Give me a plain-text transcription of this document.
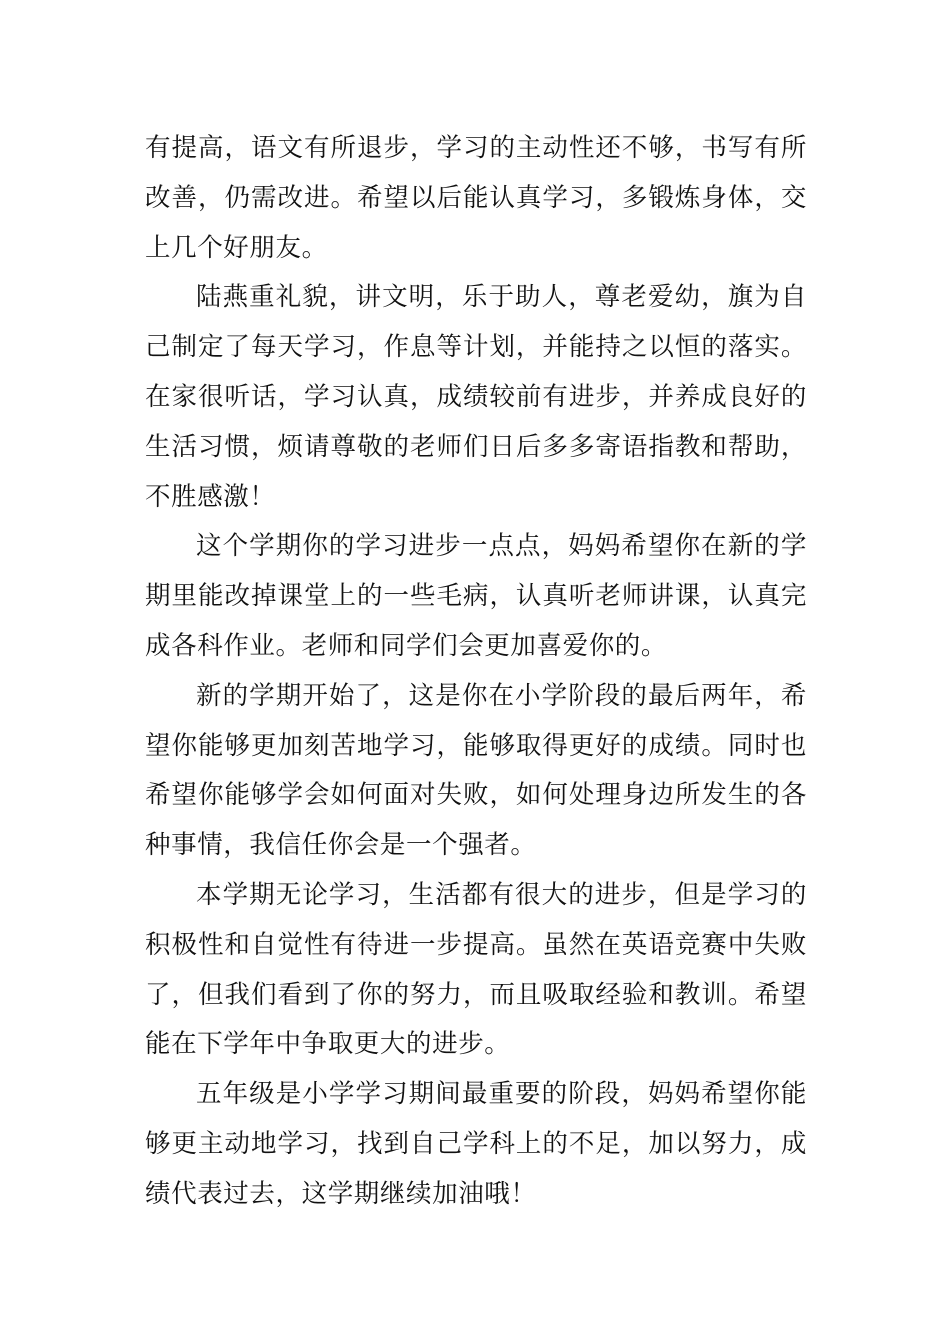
有提高，语文有所退步，学习的主动性还不够，书写有所改善，仍需改进。希望以后能认真学习，多锻炼身体，交上几个好朋友。

陆燕重礼貌，讲文明，乐于助人，尊老爱幼，旗为自己制定了每天学习，作息等计划，并能持之以恒的落实。在家很听话，学习认真，成绩较前有进步，并养成良好的生活习惯，烦请尊敬的老师们日后多多寄语指教和帮助，不胜感激！

这个学期你的学习进步一点点，妈妈希望你在新的学期里能改掉课堂上的一些毛病，认真听老师讲课，认真完成各科作业。老师和同学们会更加喜爱你的。

新的学期开始了，这是你在小学阶段的最后两年，希望你能够更加刻苦地学习，能够取得更好的成绩。同时也希望你能够学会如何面对失败，如何处理身边所发生的各种事情，我信任你会是一个强者。

本学期无论学习，生活都有很大的进步，但是学习的积极性和自觉性有待进一步提高。虽然在英语竞赛中失败了，但我们看到了你的努力，而且吸取经验和教训。希望能在下学年中争取更大的进步。

五年级是小学学习期间最重要的阶段，妈妈希望你能够更主动地学习，找到自己学科上的不足，加以努力，成绩代表过去，这学期继续加油哦！
